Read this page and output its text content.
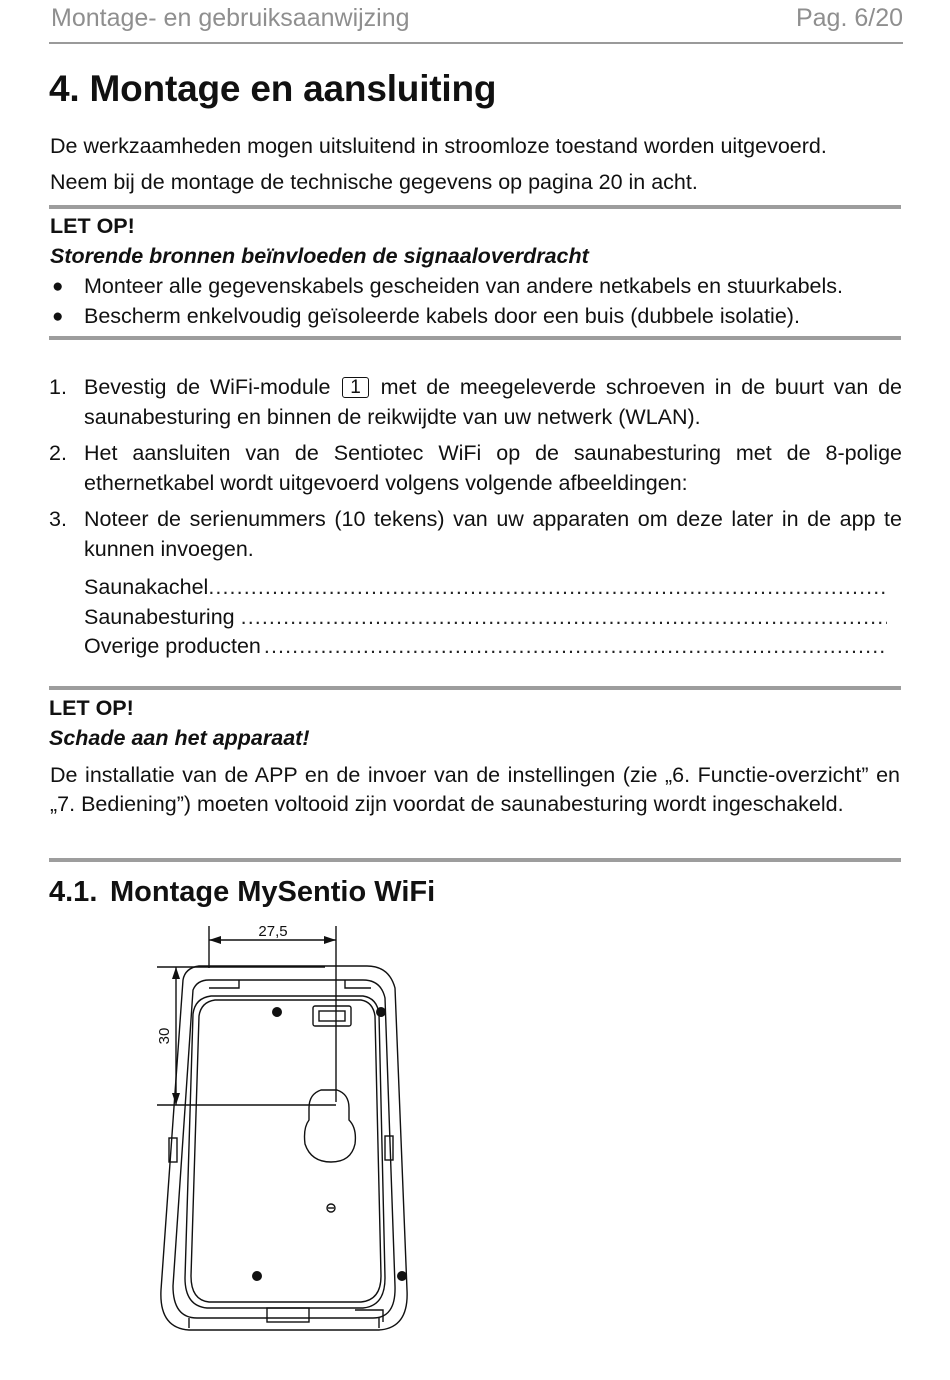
Montage- en gebruiksaanwijzing	Pag. 6/20
4. Montage en aansluiting

De werkzaamheden mogen uitsluitend in stroomloze toestand worden uitgevoerd.

Neem bij de montage de technische gegevens op pagina 20 in acht.

LET OP!

Storende bronnen beïnvloeden de signaaloverdracht

● Monteer alle gegevenskabels gescheiden van andere netkabels en stuurkabels.
● Bescherm enkelvoudig geïsoleerde kabels door een buis (dubbele isolatie).
1. Bevestig de WiFi-module 1 met de meegeleverde schroeven in de buurt van de saunabesturing en binnen de reikwijdte van uw netwerk (WLAN).
2. Het aansluiten van de Sentiotec WiFi op de saunabesturing met de 8-polige ethernetkabel wordt uitgevoerd volgens volgende afbeeldingen:
3. Noteer de serienummers (10 tekens) van uw apparaten om deze later in de app te kunnen invoegen.
Saunakachel
.....
Saunabesturing
.....
Overige producten
.....

LET OP!

Schade aan het apparaat!

De installatie van de APP en de invoer van de instellingen (zie „6. Functie-overzicht” en „7. Bediening”) moeten voltooid zijn voordat de saunabesturing wordt ingeschakeld.

4.1. Montage MySentio WiFi
27,5
30
